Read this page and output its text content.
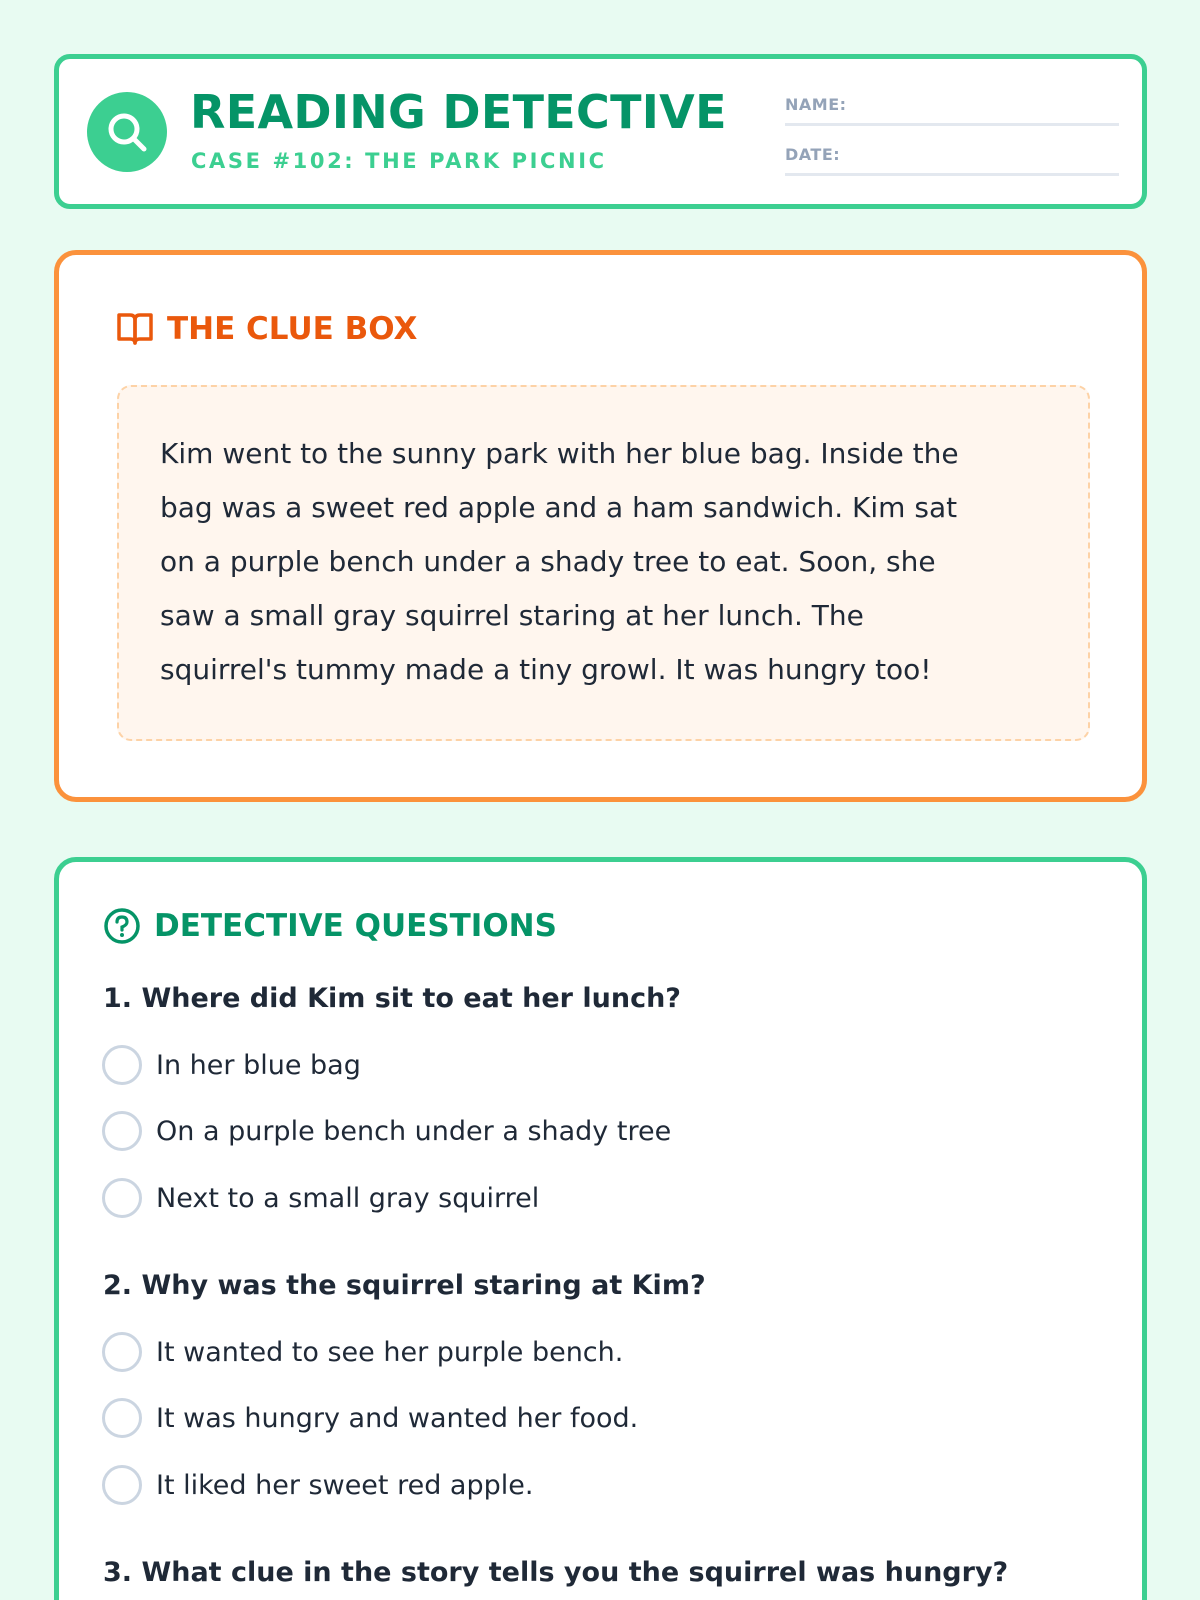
READING DETECTIVE
CASE #102: THE PARK PICNIC
NAME:
DATE:
THE CLUE BOX
Kim went to the sunny park with her blue bag. Inside the
bag was a sweet red apple and a ham sandwich. Kim sat
on a purple bench under a shady tree to eat. Soon, she
saw a small gray squirrel staring at her lunch. The
squirrel's tummy made a tiny growl. It was hungry too!
DETECTIVE QUESTIONS
1. Where did Kim sit to eat her lunch?
In her blue bag
On a purple bench under a shady tree
Next to a small gray squirrel
2. Why was the squirrel staring at Kim?
It wanted to see her purple bench.
It was hungry and wanted her food.
It liked her sweet red apple.
3. What clue in the story tells you the squirrel was hungry?
